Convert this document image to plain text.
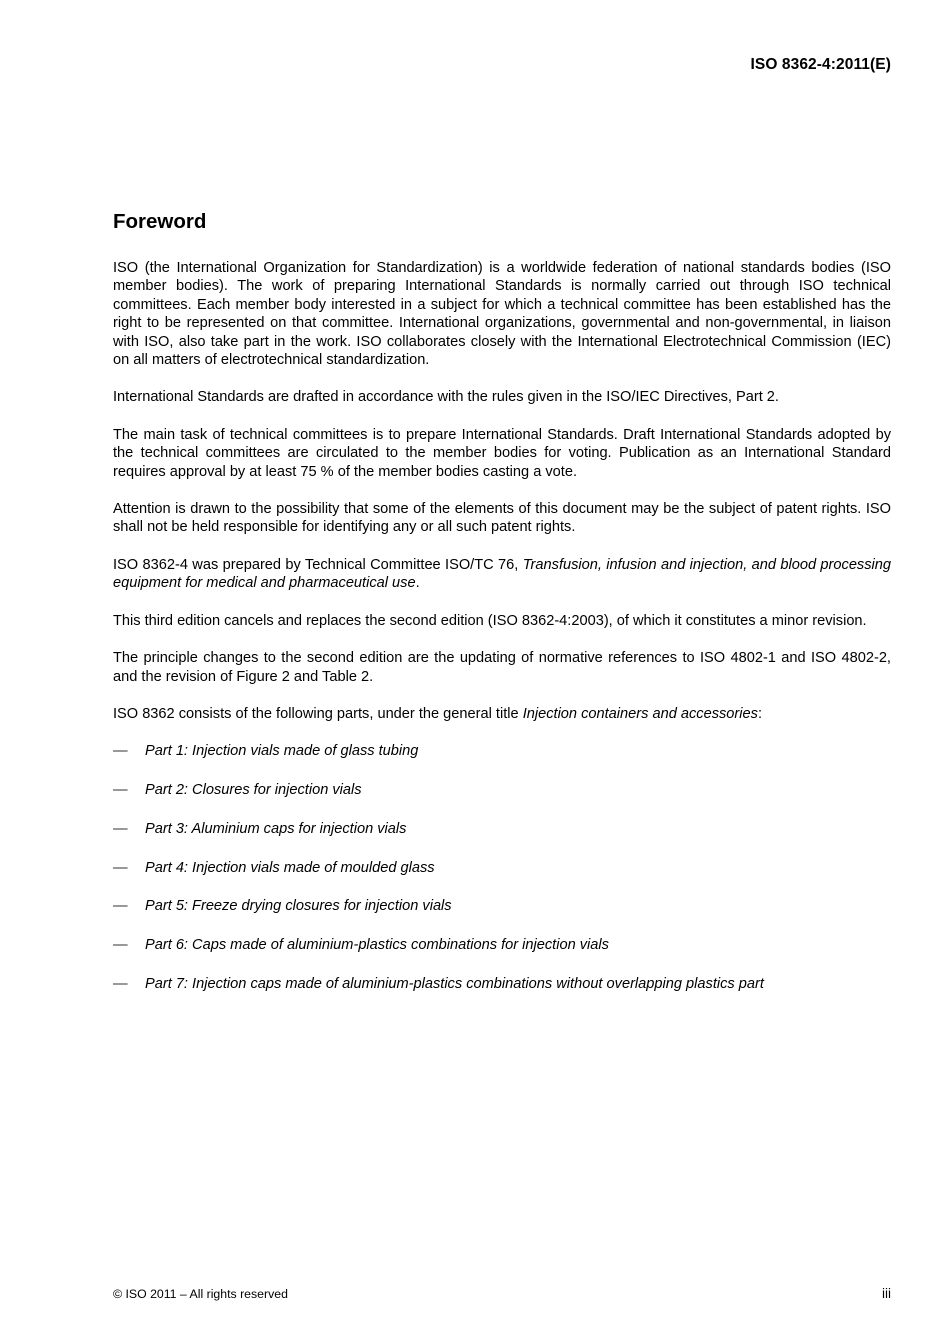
ISO 8362-4:2011(E)
Foreword

ISO (the International Organization for Standardization) is a worldwide federation of national standards bodies (ISO member bodies). The work of preparing International Standards is normally carried out through ISO technical committees. Each member body interested in a subject for which a technical committee has been established has the right to be represented on that committee. International organizations, governmental and non-governmental, in liaison with ISO, also take part in the work. ISO collaborates closely with the International Electrotechnical Commission (IEC) on all matters of electrotechnical standardization.

International Standards are drafted in accordance with the rules given in the ISO/IEC Directives, Part 2.

The main task of technical committees is to prepare International Standards. Draft International Standards adopted by the technical committees are circulated to the member bodies for voting. Publication as an International Standard requires approval by at least 75 % of the member bodies casting a vote.

Attention is drawn to the possibility that some of the elements of this document may be the subject of patent rights. ISO shall not be held responsible for identifying any or all such patent rights.

ISO 8362-4 was prepared by Technical Committee ISO/TC 76, Transfusion, infusion and injection, and blood processing equipment for medical and pharmaceutical use.

This third edition cancels and replaces the second edition (ISO 8362-4:2003), of which it constitutes a minor revision.

The principle changes to the second edition are the updating of normative references to ISO 4802-1 and ISO 4802-2, and the revision of Figure 2 and Table 2.

ISO 8362 consists of the following parts, under the general title Injection containers and accessories:

— Part 1: Injection vials made of glass tubing
— Part 2: Closures for injection vials
— Part 3: Aluminium caps for injection vials
— Part 4: Injection vials made of moulded glass
— Part 5: Freeze drying closures for injection vials
— Part 6: Caps made of aluminium-plastics combinations for injection vials
— Part 7: Injection caps made of aluminium-plastics combinations without overlapping plastics part
© ISO 2011 – All rights reserved	iii
